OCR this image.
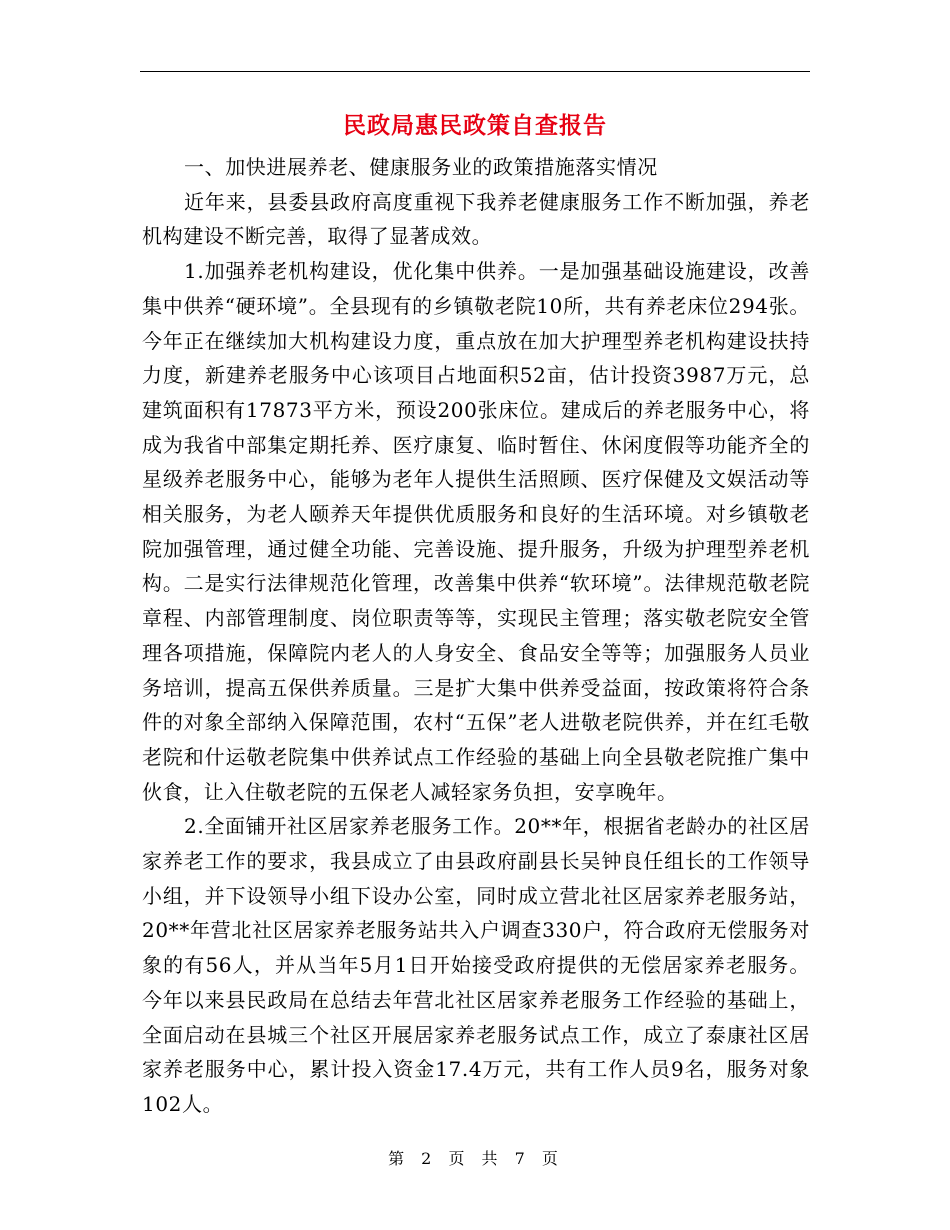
民政局惠民政策自查报告

一、加快进展养老、健康服务业的政策措施落实情况

近年来，县委县政府高度重视下我养老健康服务工作不断加强，养老机构建设不断完善，取得了显著成效。

1.加强养老机构建设，优化集中供养。一是加强基础设施建设，改善集中供养“硬环境”。全县现有的乡镇敬老院10所，共有养老床位294张。今年正在继续加大机构建设力度，重点放在加大护理型养老机构建设扶持力度，新建养老服务中心该项目占地面积52亩，估计投资3987万元，总建筑面积有17873平方米，预设200张床位。建成后的养老服务中心，将成为我省中部集定期托养、医疗康复、临时暂住、休闲度假等功能齐全的星级养老服务中心，能够为老年人提供生活照顾、医疗保健及文娱活动等相关服务，为老人颐养天年提供优质服务和良好的生活环境。对乡镇敬老院加强管理，通过健全功能、完善设施、提升服务，升级为护理型养老机构。二是实行法律规范化管理，改善集中供养“软环境”。法律规范敬老院章程、内部管理制度、岗位职责等等，实现民主管理；落实敬老院安全管理各项措施，保障院内老人的人身安全、食品安全等等；加强服务人员业务培训，提高五保供养质量。三是扩大集中供养受益面，按政策将符合条件的对象全部纳入保障范围，农村“五保”老人进敬老院供养，并在红毛敬老院和什运敬老院集中供养试点工作经验的基础上向全县敬老院推广集中伙食，让入住敬老院的五保老人减轻家务负担，安享晚年。

2.全面铺开社区居家养老服务工作。20**年，根据省老龄办的社区居家养老工作的要求，我县成立了由县政府副县长吴钟良任组长的工作领导小组，并下设领导小组下设办公室，同时成立营北社区居家养老服务站，20**年营北社区居家养老服务站共入户调查330户，符合政府无偿服务对象的有56人，并从当年5月1日开始接受政府提供的无偿居家养老服务。今年以来县民政局在总结去年营北社区居家养老服务工作经验的基础上，全面启动在县城三个社区开展居家养老服务试点工作，成立了泰康社区居家养老服务中心，累计投入资金17.4万元，共有工作人员9名，服务对象102人。

第 2 页 共 7 页
